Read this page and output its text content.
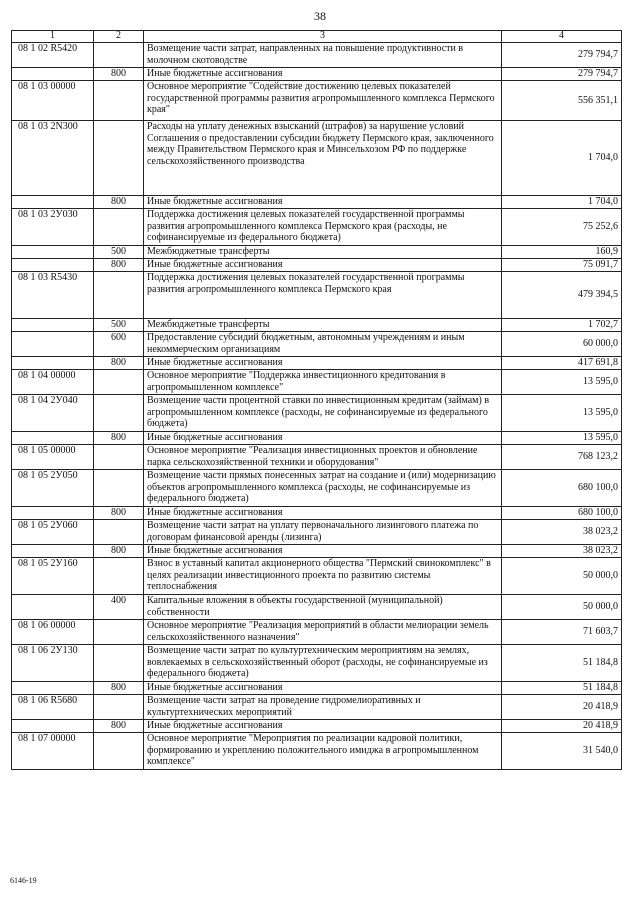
38
1	2	3	4
08 1 02 R5420		Возмещение части затрат, направленных на повышение продуктивности в молочном скотоводстве	279 794,7
	800	Иные бюджетные ассигнования	279 794,7
08 1 03 00000		Основное мероприятие "Содействие достижению целевых показателей государственной программы развития агропромышленного комплекса Пермского края"	556 351,1
08 1 03 2N300		Расходы на уплату денежных взысканий (штрафов) за нарушение условий Соглашения о предоставлении субсидии бюджету Пермского края, заключенного между Правительством Пермского края и Минсельхозом РФ по поддержке сельскохозяйственного производства	1 704,0
	800	Иные бюджетные ассигнования	1 704,0
08 1 03 2У030		Поддержка достижения целевых показателей государственной программы развития агропромышленного комплекса Пермского края (расходы, не софинансируемые из федерального бюджета)	75 252,6
	500	Межбюджетные трансферты	160,9
	800	Иные бюджетные ассигнования	75 091,7
08 1 03 R5430		Поддержка достижения целевых показателей государственной программы развития агропромышленного комплекса Пермского края	479 394,5
	500	Межбюджетные трансферты	1 702,7
	600	Предоставление субсидий бюджетным, автономным учреждениям и иным некоммерческим организациям	60 000,0
	800	Иные бюджетные ассигнования	417 691,8
08 1 04 00000		Основное мероприятие "Поддержка инвестиционного кредитования в агропромышленном комплексе"	13 595,0
08 1 04 2У040		Возмещение части процентной ставки по инвестиционным кредитам (займам) в агропромышленном комплексе (расходы, не софинансируемые из федерального бюджета)	13 595,0
	800	Иные бюджетные ассигнования	13 595,0
08 1 05 00000		Основное мероприятие "Реализация инвестиционных проектов и обновление парка сельскохозяйственной техники и оборудования"	768 123,2
08 1 05 2У050		Возмещение части прямых понесенных затрат на создание и (или) модернизацию объектов агропромышленного комплекса (расходы, не софинансируемые из федерального бюджета)	680 100,0
	800	Иные бюджетные ассигнования	680 100,0
08 1 05 2У060		Возмещение части затрат на уплату первоначального лизингового платежа по договорам финансовой аренды (лизинга)	38 023,2
	800	Иные бюджетные ассигнования	38 023,2
08 1 05 2У160		Взнос в уставный капитал акционерного общества "Пермский свинокомплекс" в целях реализации инвестиционного проекта по развитию системы теплоснабжения	50 000,0
	400	Капитальные вложения в объекты государственной (муниципальной) собственности	50 000,0
08 1 06 00000		Основное мероприятие "Реализация мероприятий в области мелиорации земель сельскохозяйственного назначения"	71 603,7
08 1 06 2У130		Возмещение части затрат по культуртехническим мероприятиям на землях, вовлекаемых в сельскохозяйственный оборот (расходы, не софинансируемые из федерального бюджета)	51 184,8
	800	Иные бюджетные ассигнования	51 184,8
08 1 06 R5680		Возмещение части затрат на проведение гидромелиоративных и культуртехнических мероприятий	20 418,9
	800	Иные бюджетные ассигнования	20 418,9
08 1 07 00000		Основное мероприятие "Мероприятия по реализации кадровой политики, формированию и укреплению положительного имиджа в агропромышленном комплексе"	31 540,0
6146-19
